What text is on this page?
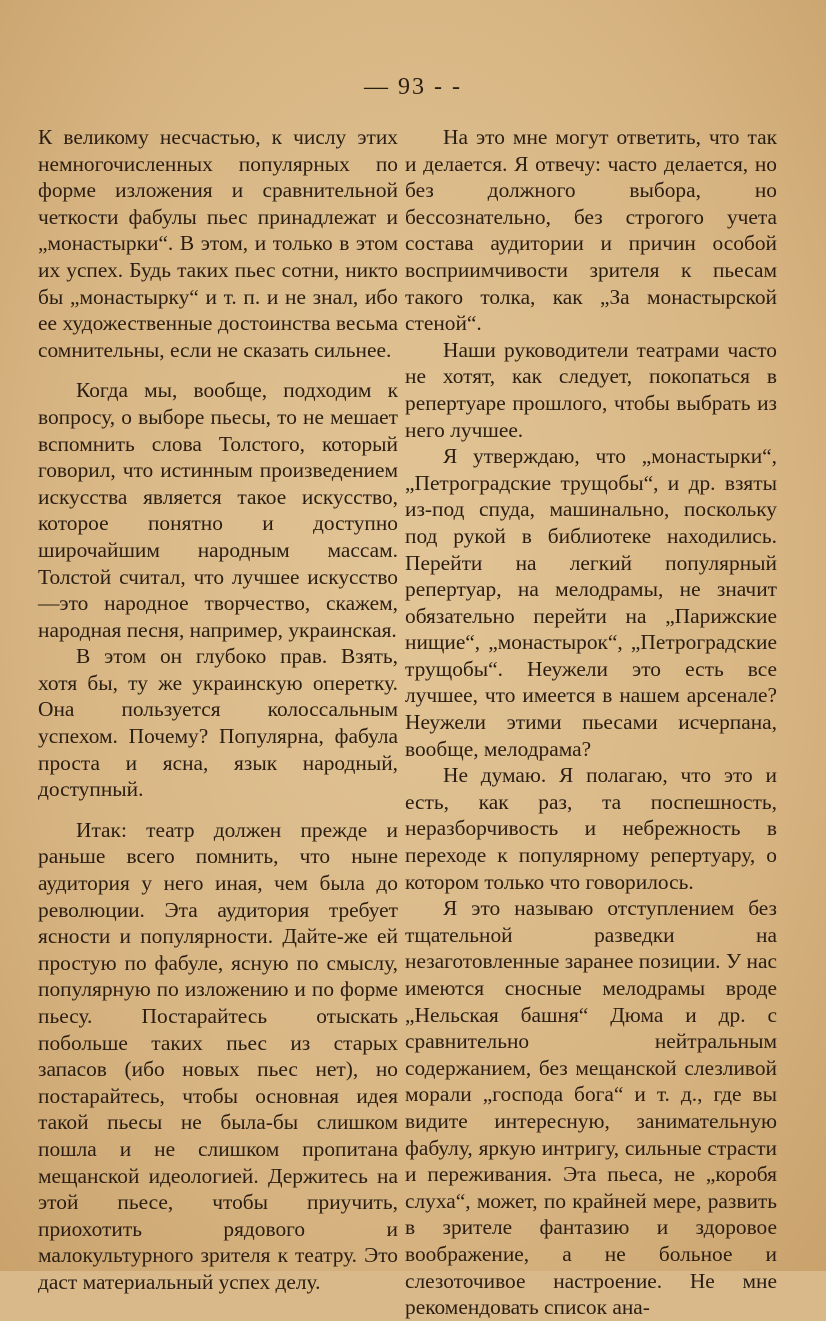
— 93 - -

К великому несчастью, к числу этих немногочисленных популярных по форме изложения и сравнительной четкости фабулы пьес принадлежат и „монастырки“. В этом, и только в этом их успех. Будь таких пьес сотни, никто бы „монастырку“ и т. п. и не знал, ибо ее художественные достоинства весьма сомнительны, если не сказать сильнее.

Когда мы, вообще, подходим к вопросу, о выборе пьесы, то не мешает вспомнить слова Толстого, который говорил, что истинным произведением искусства является такое искусство, которое понятно и доступно широчайшим народным массам. Толстой считал, что лучшее искусство—это народное творчество, скажем, народная песня, например, украинская.

В этом он глубоко прав. Взять, хотя бы, ту же украинскую оперетку. Она пользуется колоссальным успехом. Почему? Популярна, фабула проста и ясна, язык народный, доступный.

Итак: театр должен прежде и раньше всего помнить, что ныне аудитория у него иная, чем была до революции. Эта аудитория требует ясности и популярности. Дайте-же ей простую по фабуле, ясную по смыслу, популярную по изложению и по форме пьесу. Постарайтесь отыскать побольше таких пьес из старых запасов (ибо новых пьес нет), но постарайтесь, чтобы основная идея такой пьесы не была-бы слишком пошла и не слишком пропитана мещанской идеологией. Держитесь на этой пьесе, чтобы приучить, приохотить рядового и малокультурного зрителя к театру. Это даст материальный успех делу.

На это мне могут ответить, что так и делается. Я отвечу: часто делается, но без должного выбора, но бессознательно, без строгого учета состава аудитории и причин особой восприимчивости зрителя к пьесам такого толка, как „За монастырской стеной“.

Наши руководители театрами часто не хотят, как следует, покопаться в репертуаре прошлого, чтобы выбрать из него лучшее.

Я утверждаю, что „монастырки“, „Петроградские трущобы“, и др. взяты из-под спуда, машинально, поскольку под рукой в библиотеке находились. Перейти на легкий популярный репертуар, на мелодрамы, не значит обязательно перейти на „Парижские нищие“, „монастырок“, „Петроградские трущобы“. Неужели это есть все лучшее, что имеется в нашем арсенале? Неужели этими пьесами исчерпана, вообще, мелодрама?

Не думаю. Я полагаю, что это и есть, как раз, та поспешность, неразборчивость и небрежность в переходе к популярному репертуару, о котором только что говорилось.

Я это называю отступлением без тщательной разведки на незаготовленные заранее позиции. У нас имеются сносные мелодрамы вроде „Нельская башня“ Дюма и др. с сравнительно нейтральным содержанием, без мещанской слезливой морали „господа бога“ и т. д., где вы видите интересную, занимательную фабулу, яркую интригу, сильные страсти и переживания. Эта пьеса, не „коробя слуха“, может, по крайней мере, развить в зрителе фантазию и здоровое воображение, а не больное и слезоточивое настроение. Не мне рекомендовать список ана-
